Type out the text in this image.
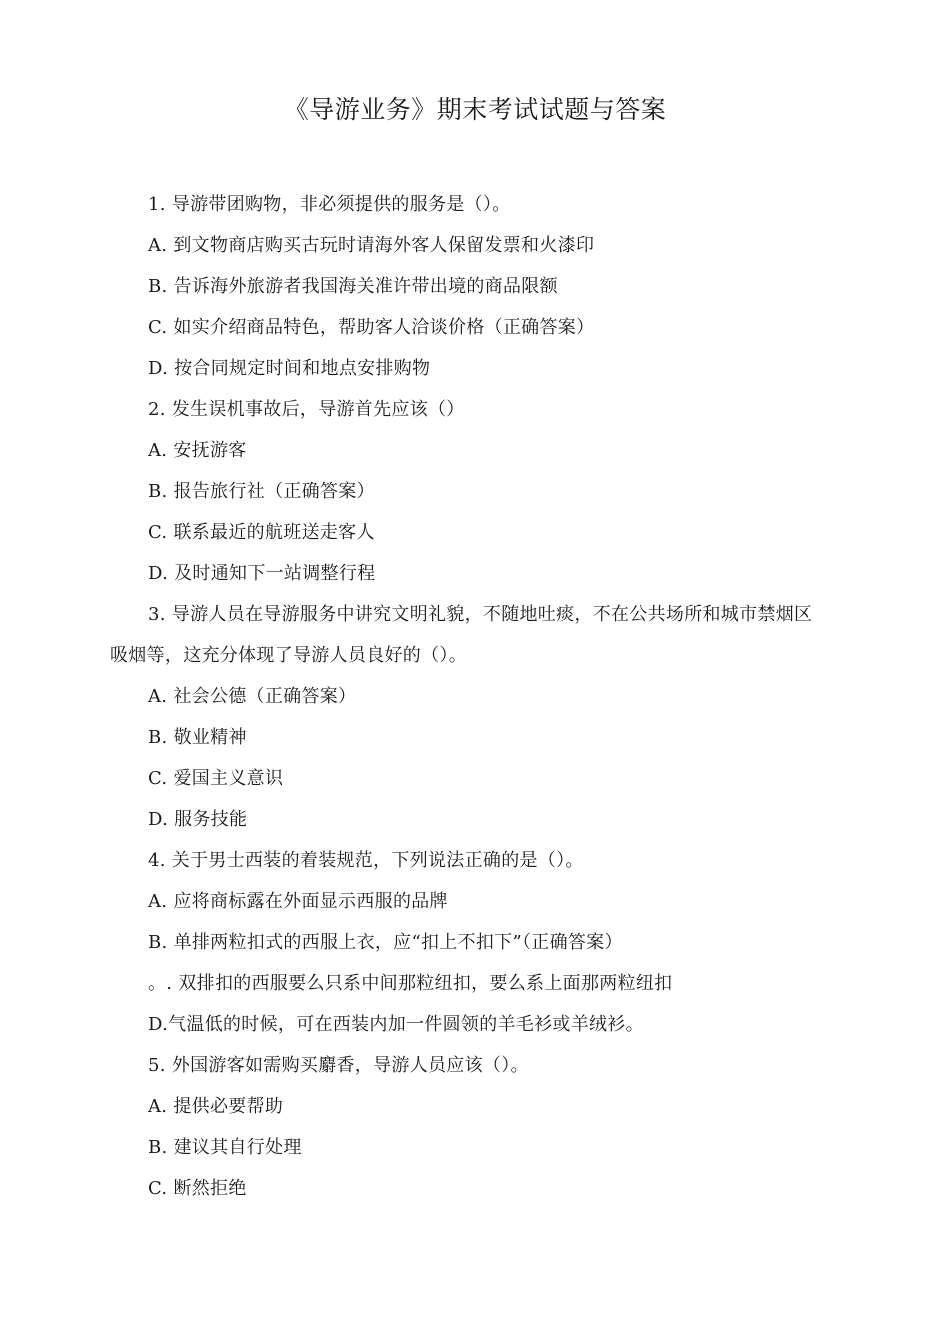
《导游业务》期末考试试题与答案
1. 导游带团购物，非必须提供的服务是（）。
A. 到文物商店购买古玩时请海外客人保留发票和火漆印
B. 告诉海外旅游者我国海关准许带出境的商品限额
C. 如实介绍商品特色，帮助客人洽谈价格（正确答案）
D. 按合同规定时间和地点安排购物
2. 发生误机事故后，导游首先应该（）
A. 安抚游客
B. 报告旅行社（正确答案）
C. 联系最近的航班送走客人
D. 及时通知下一站调整行程
3. 导游人员在导游服务中讲究文明礼貌，不随地吐痰，不在公共场所和城市禁烟区吸烟等，这充分体现了导游人员良好的（）。
A. 社会公德（正确答案）
B. 敬业精神
C. 爱国主义意识
D. 服务技能
4. 关于男士西装的着装规范，下列说法正确的是（）。
A. 应将商标露在外面显示西服的品牌
B. 单排两粒扣式的西服上衣，应“扣上不扣下”（正确答案）
。. 双排扣的西服要么只系中间那粒纽扣，要么系上面那两粒纽扣
D.气温低的时候，可在西装内加一件圆领的羊毛衫或羊绒衫。
5. 外国游客如需购买麝香，导游人员应该（）。
A. 提供必要帮助
B. 建议其自行处理
C. 断然拒绝
